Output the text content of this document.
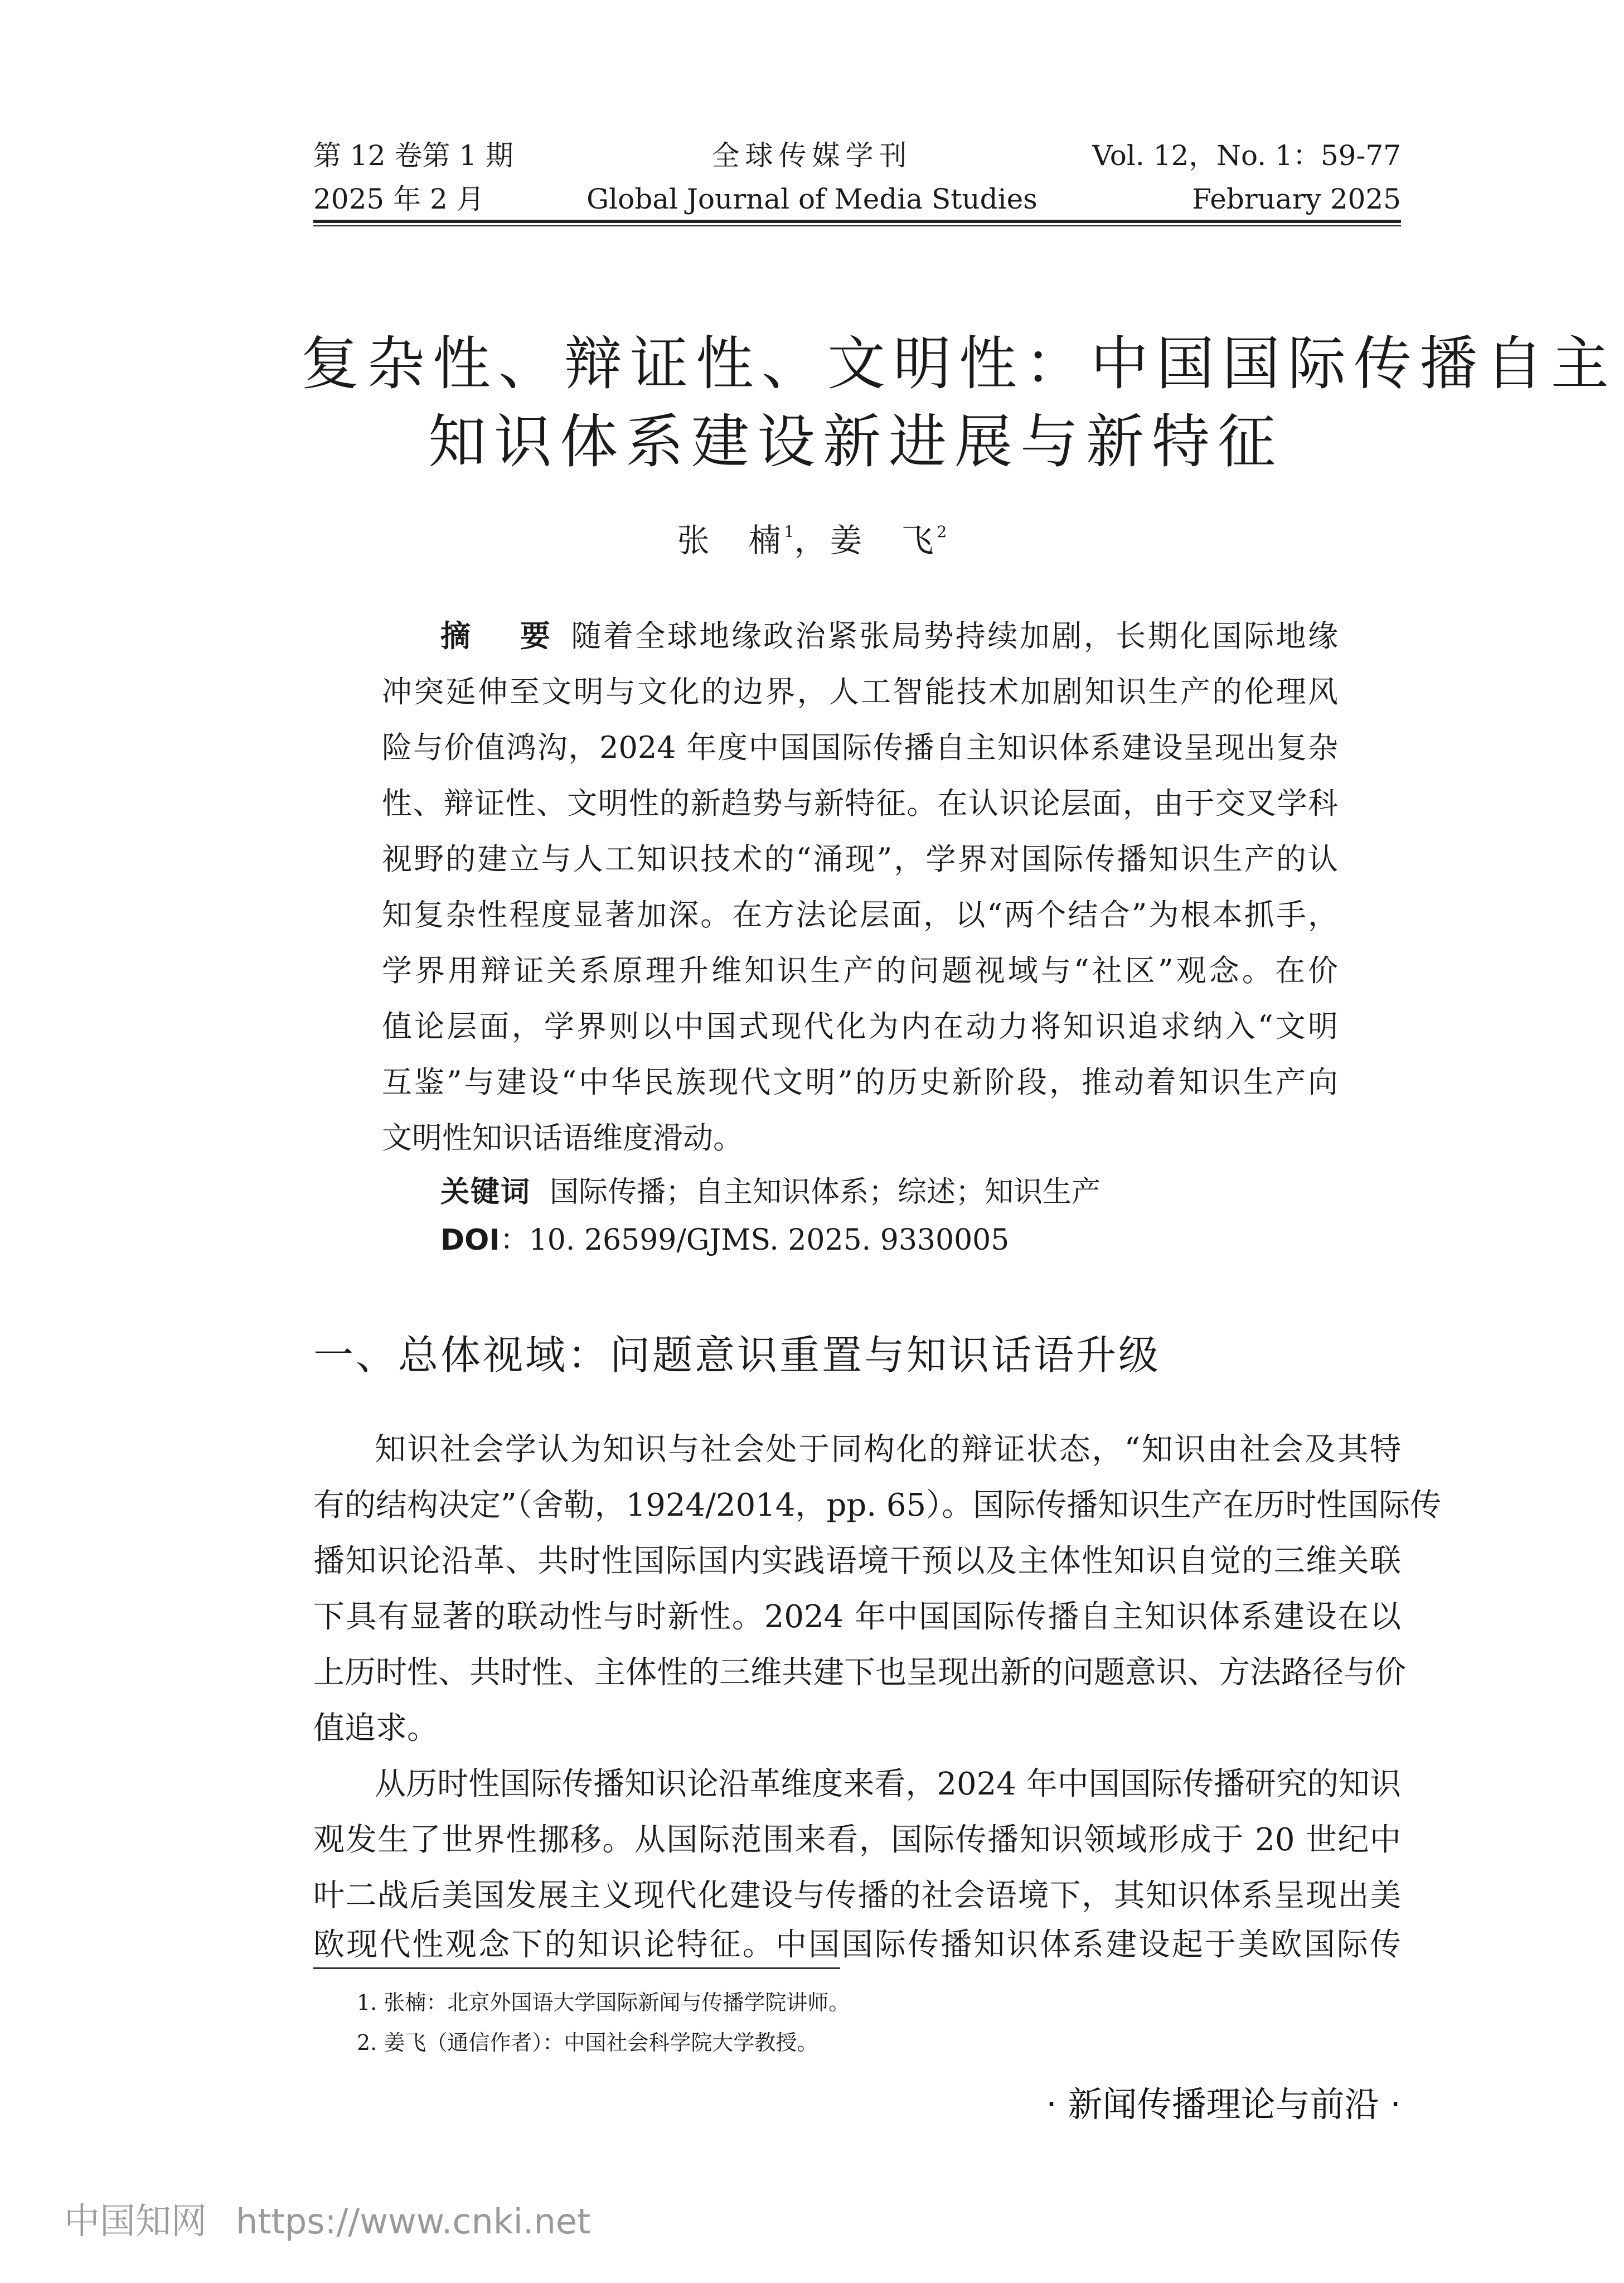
第 12 卷第 1 期
2025 年 2 月
全球传媒学刊
Global Journal of Media Studies
Vol. 12，No. 1：59-77
February 2025
复杂性、辩证性、文明性：中国国际传播自主
知识体系建设新进展与新特征
张　楠$^1$，姜　飞$^2$
摘　要 随着全球地缘政治紧张局势持续加剧，长期化国际地缘
冲突延伸至文明与文化的边界，人工智能技术加剧知识生产的伦理风
险与价值鸿沟，2024 年度中国国际传播自主知识体系建设呈现出复杂
性、辩证性、文明性的新趋势与新特征。在认识论层面，由于交叉学科
视野的建立与人工知识技术的“涌现”，学界对国际传播知识生产的认
知复杂性程度显著加深。在方法论层面，以“两个结合”为根本抓手，
学界用辩证关系原理升维知识生产的问题视域与“社区”观念。在价
值论层面，学界则以中国式现代化为内在动力将知识追求纳入“文明
互鉴”与建设“中华民族现代文明”的历史新阶段，推动着知识生产向
文明性知识话语维度滑动。
关键词 国际传播；自主知识体系；综述；知识生产
DOI：10. 26599/GJMS. 2025. 9330005
一、总体视域：问题意识重置与知识话语升级
知识社会学认为知识与社会处于同构化的辩证状态，“知识由社会及其特
有的结构决定”（舍勒，1924/2014，pp. 65）。国际传播知识生产在历时性国际传
播知识论沿革、共时性国际国内实践语境干预以及主体性知识自觉的三维关联
下具有显著的联动性与时新性。2024 年中国国际传播自主知识体系建设在以
上历时性、共时性、主体性的三维共建下也呈现出新的问题意识、方法路径与价
值追求。
从历时性国际传播知识论沿革维度来看，2024 年中国国际传播研究的知识
观发生了世界性挪移。从国际范围来看，国际传播知识领域形成于 20 世纪中
叶二战后美国发展主义现代化建设与传播的社会语境下，其知识体系呈现出美
欧现代性观念下的知识论特征。中国国际传播知识体系建设起于美欧国际传
1. 张楠：北京外国语大学国际新闻与传播学院讲师。
2. 姜飞（通信作者）：中国社会科学院大学教授。
· 新闻传播理论与前沿 ·
中国知网 https://www.cnki.net
